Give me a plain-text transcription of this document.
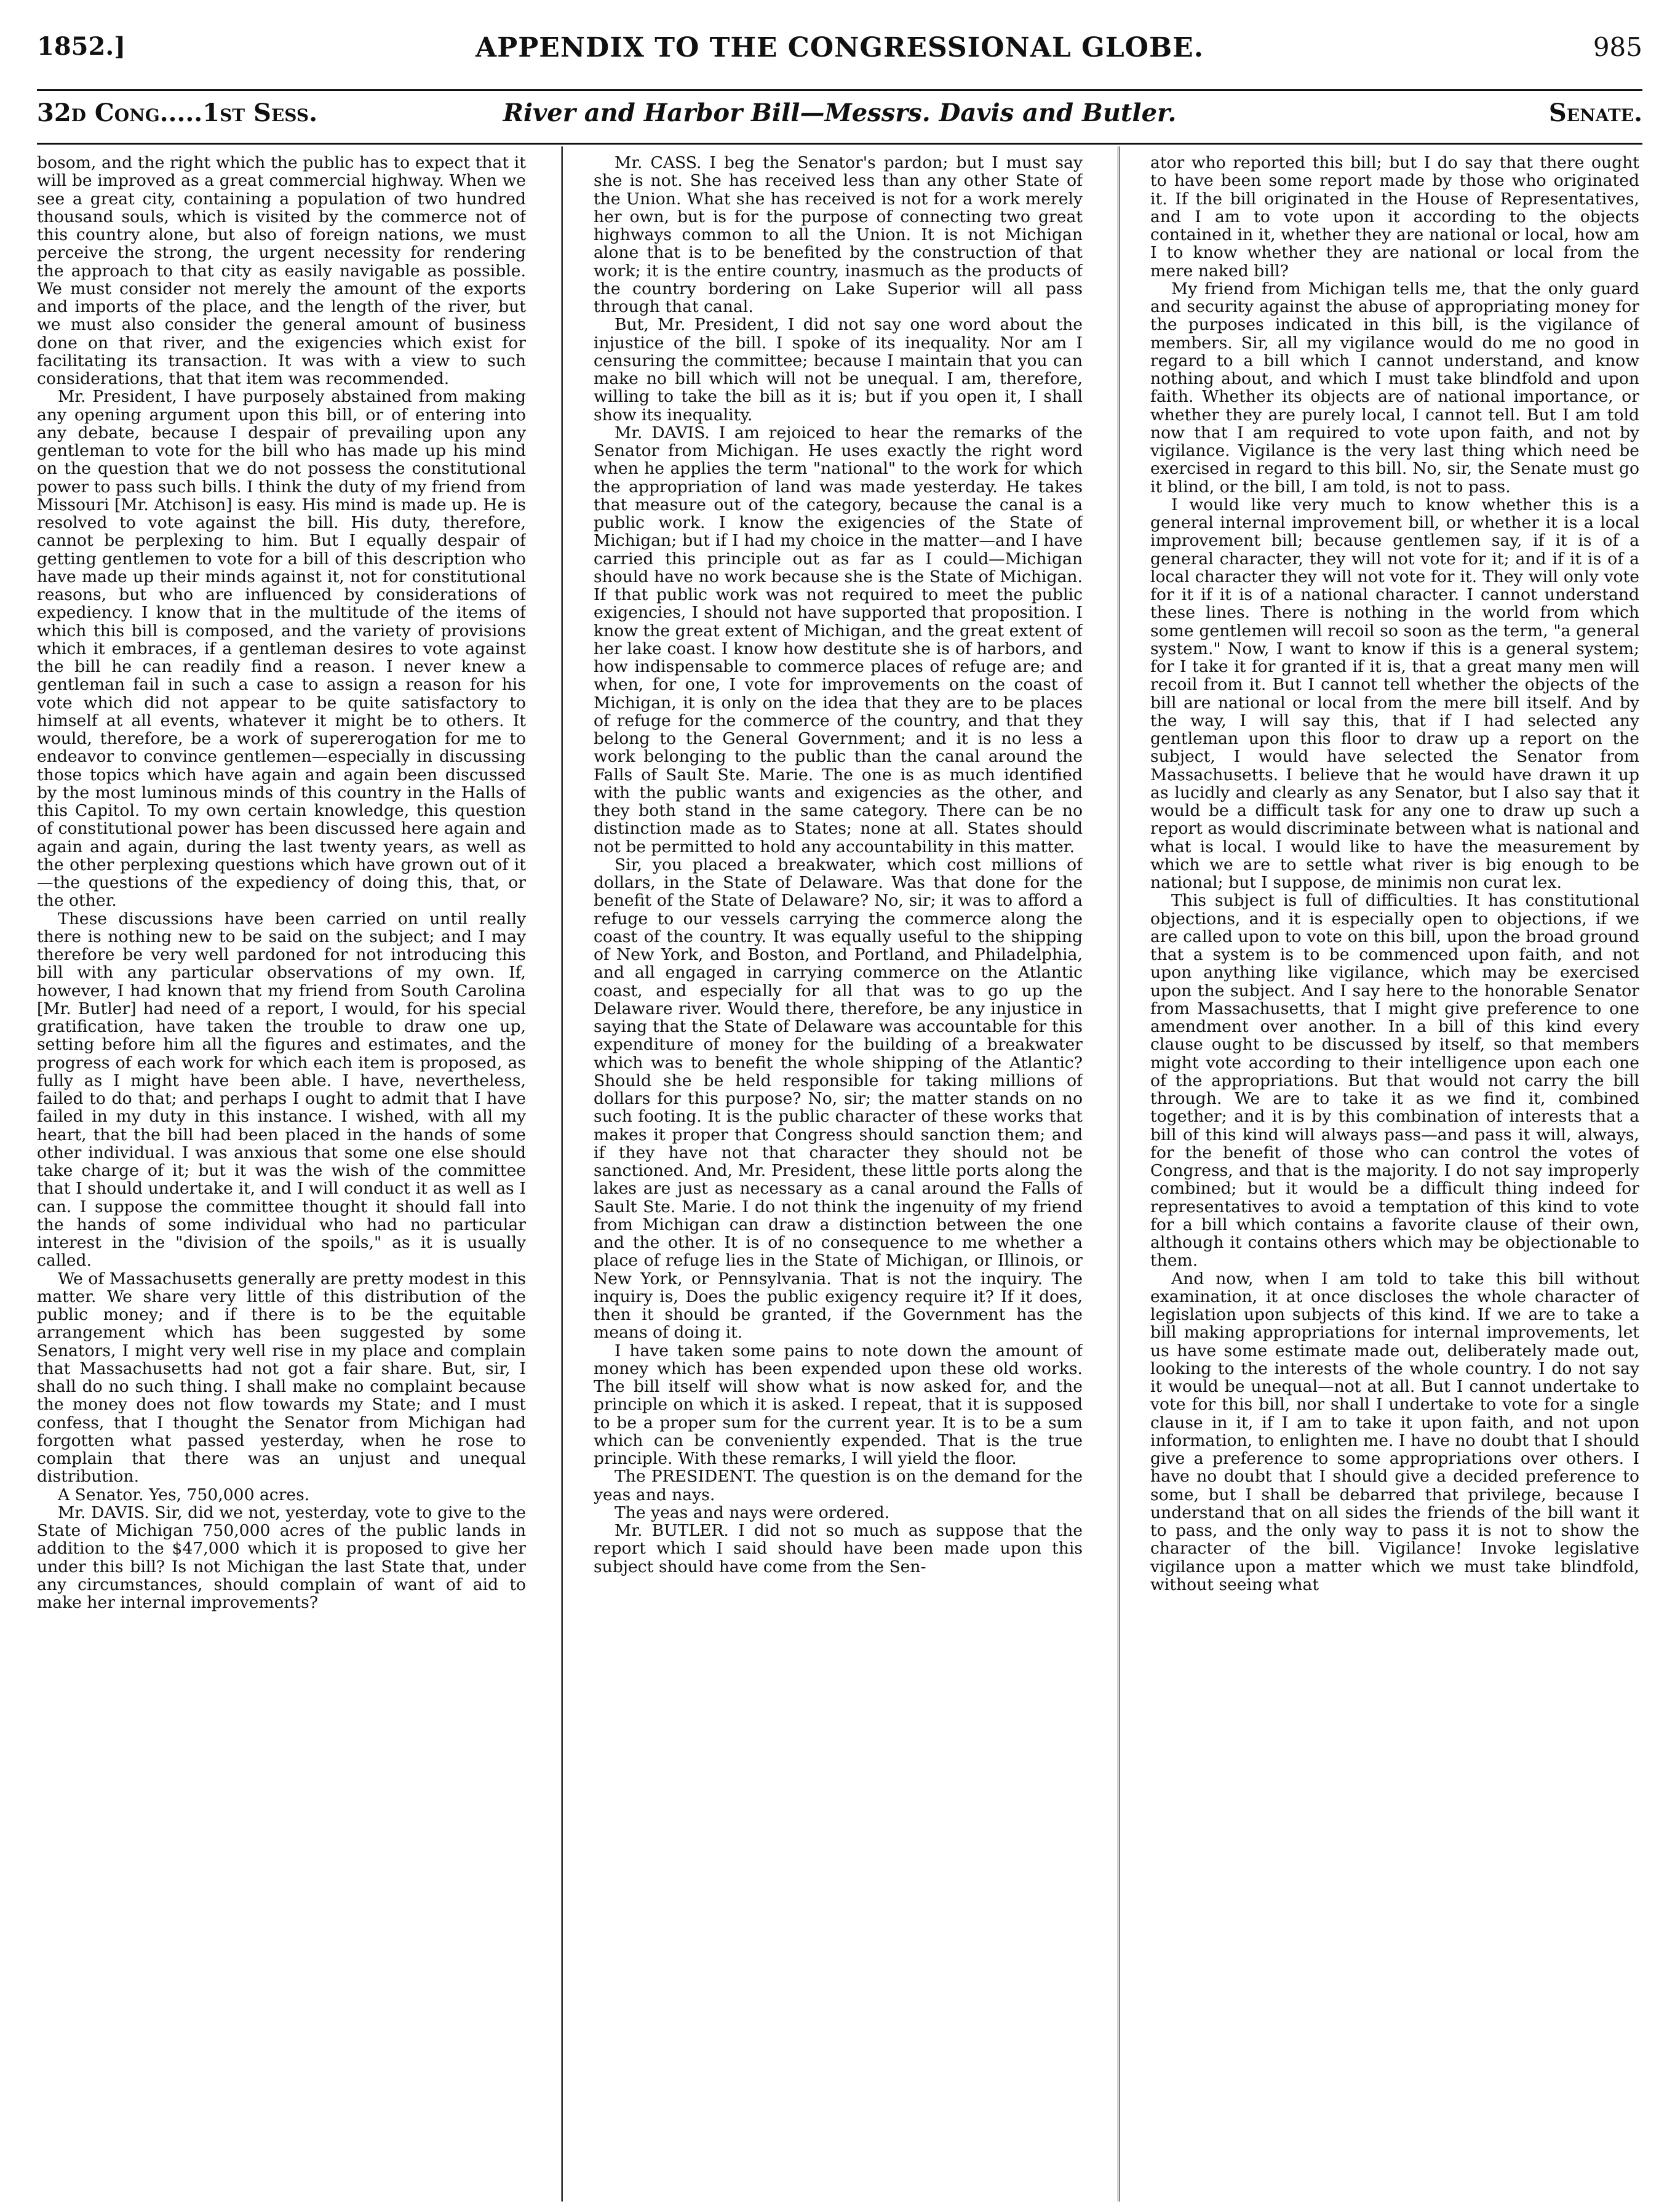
1852.]	APPENDIX TO THE CONGRESSIONAL GLOBE.	985
32d Cong.....1st Sess.	River and Harbor Bill—Messrs. Davis and Butler.	Senate.

bosom, and the right which the public has to expect that it will be improved as a great commercial highway. When we see a great city, containing a population of two hundred thousand souls, which is visited by the commerce not of this country alone, but also of foreign nations, we must perceive the strong, the urgent necessity for rendering the approach to that city as easily navigable as possible. We must consider not merely the amount of the exports and imports of the place, and the length of the river, but we must also consider the general amount of business done on that river, and the exigencies which exist for facilitating its transaction. It was with a view to such considerations, that that item was recommended.

Mr. President, I have purposely abstained from making any opening argument upon this bill, or of entering into any debate, because I despair of prevailing upon any gentleman to vote for the bill who has made up his mind on the question that we do not possess the constitutional power to pass such bills. I think the duty of my friend from Missouri [Mr. Atchison] is easy. His mind is made up. He is resolved to vote against the bill. His duty, therefore, cannot be perplexing to him. But I equally despair of getting gentlemen to vote for a bill of this description who have made up their minds against it, not for constitutional reasons, but who are influenced by considerations of expediency. I know that in the multitude of the items of which this bill is composed, and the variety of provisions which it embraces, if a gentleman desires to vote against the bill he can readily find a reason. I never knew a gentleman fail in such a case to assign a reason for his vote which did not appear to be quite satisfactory to himself at all events, whatever it might be to others. It would, therefore, be a work of supererogation for me to endeavor to convince gentlemen—especially in discussing those topics which have again and again been discussed by the most luminous minds of this country in the Halls of this Capitol. To my own certain knowledge, this question of constitutional power has been discussed here again and again and again, during the last twenty years, as well as the other perplexing questions which have grown out of it—the questions of the expediency of doing this, that, or the other.

These discussions have been carried on until really there is nothing new to be said on the subject; and I may therefore be very well pardoned for not introducing this bill with any particular observations of my own. If, however, I had known that my friend from South Carolina [Mr. Butler] had need of a report, I would, for his special gratification, have taken the trouble to draw one up, setting before him all the figures and estimates, and the progress of each work for which each item is proposed, as fully as I might have been able. I have, nevertheless, failed to do that; and perhaps I ought to admit that I have failed in my duty in this instance. I wished, with all my heart, that the bill had been placed in the hands of some other individual. I was anxious that some one else should take charge of it; but it was the wish of the committee that I should undertake it, and I will conduct it as well as I can. I suppose the committee thought it should fall into the hands of some individual who had no particular interest in the "division of the spoils," as it is usually called.

We of Massachusetts generally are pretty modest in this matter. We share very little of this distribution of the public money; and if there is to be the equitable arrangement which has been suggested by some Senators, I might very well rise in my place and complain that Massachusetts had not got a fair share. But, sir, I shall do no such thing. I shall make no complaint because the money does not flow towards my State; and I must confess, that I thought the Senator from Michigan had forgotten what passed yesterday, when he rose to complain that there was an unjust and unequal distribution.

A Senator. Yes, 750,000 acres.

Mr. DAVIS. Sir, did we not, yesterday, vote to give to the State of Michigan 750,000 acres of the public lands in addition to the $47,000 which it is proposed to give her under this bill? Is not Michigan the last State that, under any circumstances, should complain of want of aid to make her internal improvements?

Mr. CASS. I beg the Senator's pardon; but I must say she is not. She has received less than any other State of the Union. What she has received is not for a work merely her own, but is for the purpose of connecting two great highways common to all the Union. It is not Michigan alone that is to be benefited by the construction of that work; it is the entire country, inasmuch as the products of the country bordering on Lake Superior will all pass through that canal.

But, Mr. President, I did not say one word about the injustice of the bill. I spoke of its inequality. Nor am I censuring the committee; because I maintain that you can make no bill which will not be unequal. I am, therefore, willing to take the bill as it is; but if you open it, I shall show its inequality.

Mr. DAVIS. I am rejoiced to hear the remarks of the Senator from Michigan. He uses exactly the right word when he applies the term "national" to the work for which the appropriation of land was made yesterday. He takes that measure out of the category, because the canal is a public work. I know the exigencies of the State of Michigan; but if I had my choice in the matter—and I have carried this principle out as far as I could—Michigan should have no work because she is the State of Michigan. If that public work was not required to meet the public exigencies, I should not have supported that proposition. I know the great extent of Michigan, and the great extent of her lake coast. I know how destitute she is of harbors, and how indispensable to commerce places of refuge are; and when, for one, I vote for improvements on the coast of Michigan, it is only on the idea that they are to be places of refuge for the commerce of the country, and that they belong to the General Government; and it is no less a work belonging to the public than the canal around the Falls of Sault Ste. Marie. The one is as much identified with the public wants and exigencies as the other, and they both stand in the same category. There can be no distinction made as to States; none at all. States should not be permitted to hold any accountability in this matter.

Sir, you placed a breakwater, which cost millions of dollars, in the State of Delaware. Was that done for the benefit of the State of Delaware? No, sir; it was to afford a refuge to our vessels carrying the commerce along the coast of the country. It was equally useful to the shipping of New York, and Boston, and Portland, and Philadelphia, and all engaged in carrying commerce on the Atlantic coast, and especially for all that was to go up the Delaware river. Would there, therefore, be any injustice in saying that the State of Delaware was accountable for this expenditure of money for the building of a breakwater which was to benefit the whole shipping of the Atlantic? Should she be held responsible for taking millions of dollars for this purpose? No, sir; the matter stands on no such footing. It is the public character of these works that makes it proper that Congress should sanction them; and if they have not that character they should not be sanctioned. And, Mr. President, these little ports along the lakes are just as necessary as a canal around the Falls of Sault Ste. Marie. I do not think the ingenuity of my friend from Michigan can draw a distinction between the one and the other. It is of no consequence to me whether a place of refuge lies in the State of Michigan, or Illinois, or New York, or Pennsylvania. That is not the inquiry. The inquiry is, Does the public exigency require it? If it does, then it should be granted, if the Government has the means of doing it.

I have taken some pains to note down the amount of money which has been expended upon these old works. The bill itself will show what is now asked for, and the principle on which it is asked. I repeat, that it is supposed to be a proper sum for the current year. It is to be a sum which can be conveniently expended. That is the true principle. With these remarks, I will yield the floor.

The PRESIDENT. The question is on the demand for the yeas and nays.

The yeas and nays were ordered.

Mr. BUTLER. I did not so much as suppose that the report which I said should have been made upon this subject should have come from the Sen-

ator who reported this bill; but I do say that there ought to have been some report made by those who originated it. If the bill originated in the House of Representatives, and I am to vote upon it according to the objects contained in it, whether they are national or local, how am I to know whether they are national or local from the mere naked bill?

My friend from Michigan tells me, that the only guard and security against the abuse of appropriating money for the purposes indicated in this bill, is the vigilance of members. Sir, all my vigilance would do me no good in regard to a bill which I cannot understand, and know nothing about, and which I must take blindfold and upon faith. Whether its objects are of national importance, or whether they are purely local, I cannot tell. But I am told now that I am required to vote upon faith, and not by vigilance. Vigilance is the very last thing which need be exercised in regard to this bill. No, sir, the Senate must go it blind, or the bill, I am told, is not to pass.

I would like very much to know whether this is a general internal improvement bill, or whether it is a local improvement bill; because gentlemen say, if it is of a general character, they will not vote for it; and if it is of a local character they will not vote for it. They will only vote for it if it is of a national character. I cannot understand these lines. There is nothing in the world from which some gentlemen will recoil so soon as the term, "a general system." Now, I want to know if this is a general system; for I take it for granted if it is, that a great many men will recoil from it. But I cannot tell whether the objects of the bill are national or local from the mere bill itself. And by the way, I will say this, that if I had selected any gentleman upon this floor to draw up a report on the subject, I would have selected the Senator from Massachusetts. I believe that he would have drawn it up as lucidly and clearly as any Senator, but I also say that it would be a difficult task for any one to draw up such a report as would discriminate between what is national and what is local. I would like to have the measurement by which we are to settle what river is big enough to be national; but I suppose, de minimis non curat lex.

This subject is full of difficulties. It has constitutional objections, and it is especially open to objections, if we are called upon to vote on this bill, upon the broad ground that a system is to be commenced upon faith, and not upon anything like vigilance, which may be exercised upon the subject. And I say here to the honorable Senator from Massachusetts, that I might give preference to one amendment over another. In a bill of this kind every clause ought to be discussed by itself, so that members might vote according to their intelligence upon each one of the appropriations. But that would not carry the bill through. We are to take it as we find it, combined together; and it is by this combination of interests that a bill of this kind will always pass—and pass it will, always, for the benefit of those who can control the votes of Congress, and that is the majority. I do not say improperly combined; but it would be a difficult thing indeed for representatives to avoid a temptation of this kind to vote for a bill which contains a favorite clause of their own, although it contains others which may be objectionable to them.

And now, when I am told to take this bill without examination, it at once discloses the whole character of legislation upon subjects of this kind. If we are to take a bill making appropriations for internal improvements, let us have some estimate made out, deliberately made out, looking to the interests of the whole country. I do not say it would be unequal—not at all. But I cannot undertake to vote for this bill, nor shall I undertake to vote for a single clause in it, if I am to take it upon faith, and not upon information, to enlighten me. I have no doubt that I should give a preference to some appropriations over others. I have no doubt that I should give a decided preference to some, but I shall be debarred that privilege, because I understand that on all sides the friends of the bill want it to pass, and the only way to pass it is not to show the character of the bill. Vigilance! Invoke legislative vigilance upon a matter which we must take blindfold, without seeing what
